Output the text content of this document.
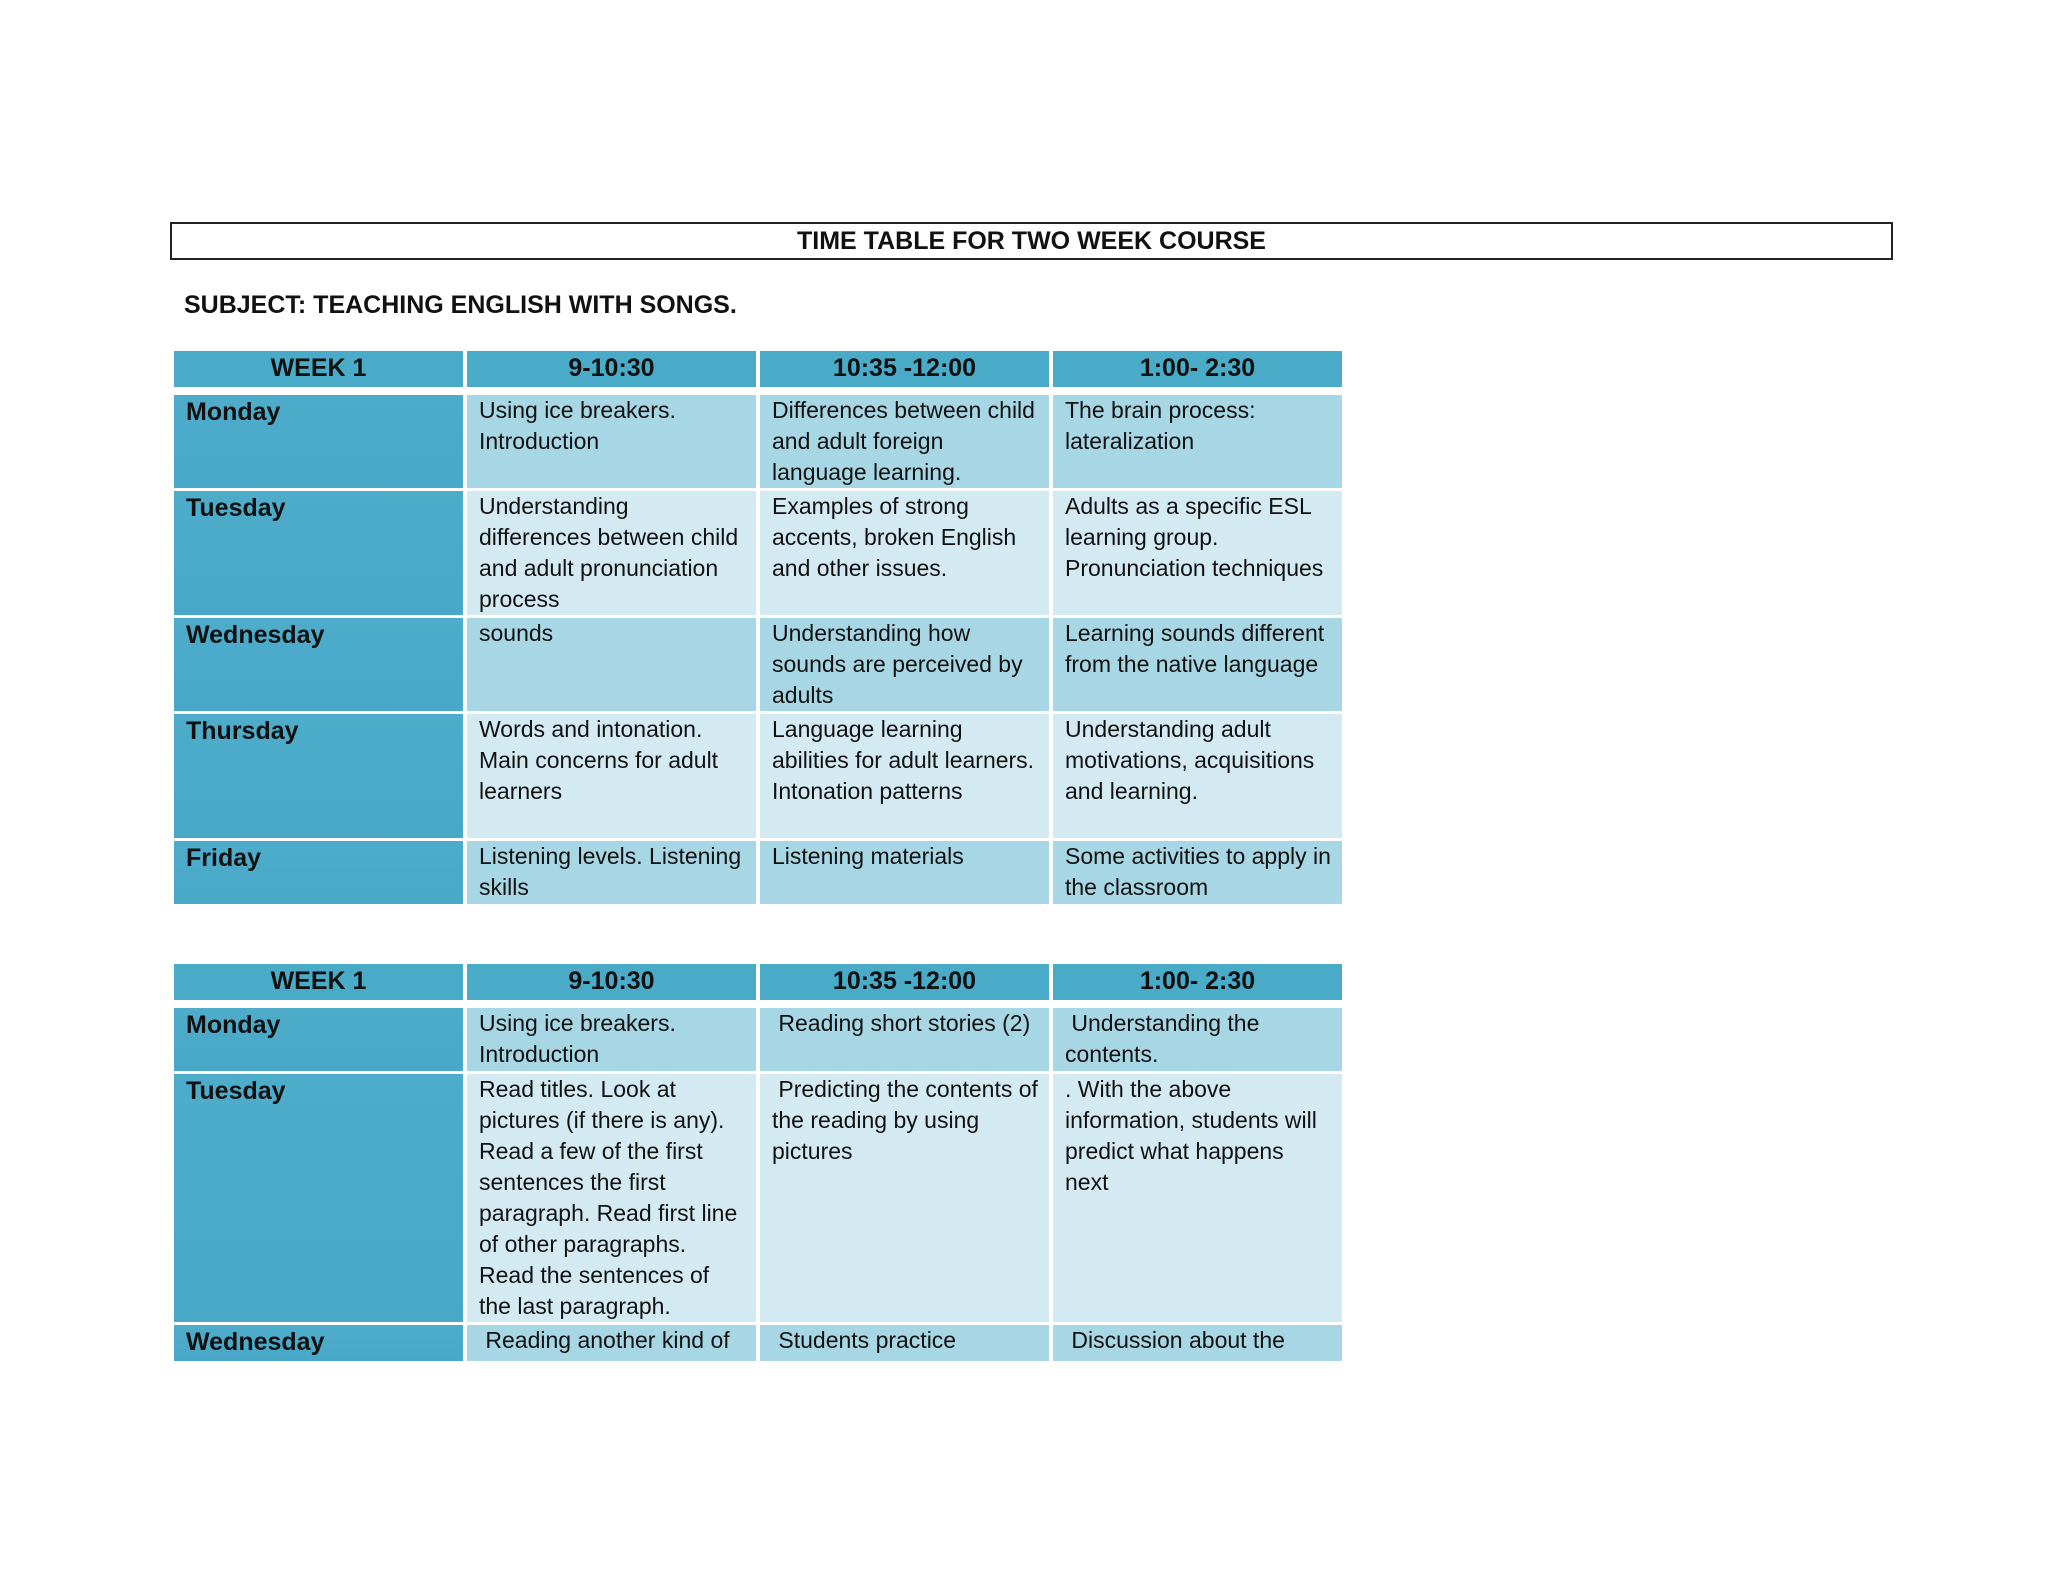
TIME TABLE FOR TWO WEEK COURSE
SUBJECT: TEACHING ENGLISH WITH SONGS.
WEEK 1	9-10:30	10:35 -12:00	1:00- 2:30

Monday	Using ice breakers. Introduction	Differences between child and adult foreign language learning.	The brain process: lateralization
Tuesday	Understanding differences between child and adult pronunciation process	Examples of strong accents, broken English and other issues.	Adults as a specific ESL learning group. Pronunciation techniques
Wednesday	sounds	Understanding how sounds are perceived by adults	Learning sounds different from the native language
Thursday	Words and intonation. Main concerns for adult learners	Language learning abilities for adult learners. Intonation patterns	Understanding adult motivations, acquisitions and learning.
Friday	Listening levels. Listening skills	Listening materials	Some activities to apply in the classroom
WEEK 1	9-10:30	10:35 -12:00	1:00- 2:30

Monday	Using ice breakers. Introduction	Reading short stories (2)	Understanding the contents.
Tuesday	Read titles. Look at pictures (if there is any). Read a few of the first sentences the first paragraph. Read first line of other paragraphs. Read the sentences of the last paragraph.	Predicting the contents of the reading by using pictures	. With the above information, students will predict what happens next
Wednesday	Reading another kind of	Students practice	Discussion about the
